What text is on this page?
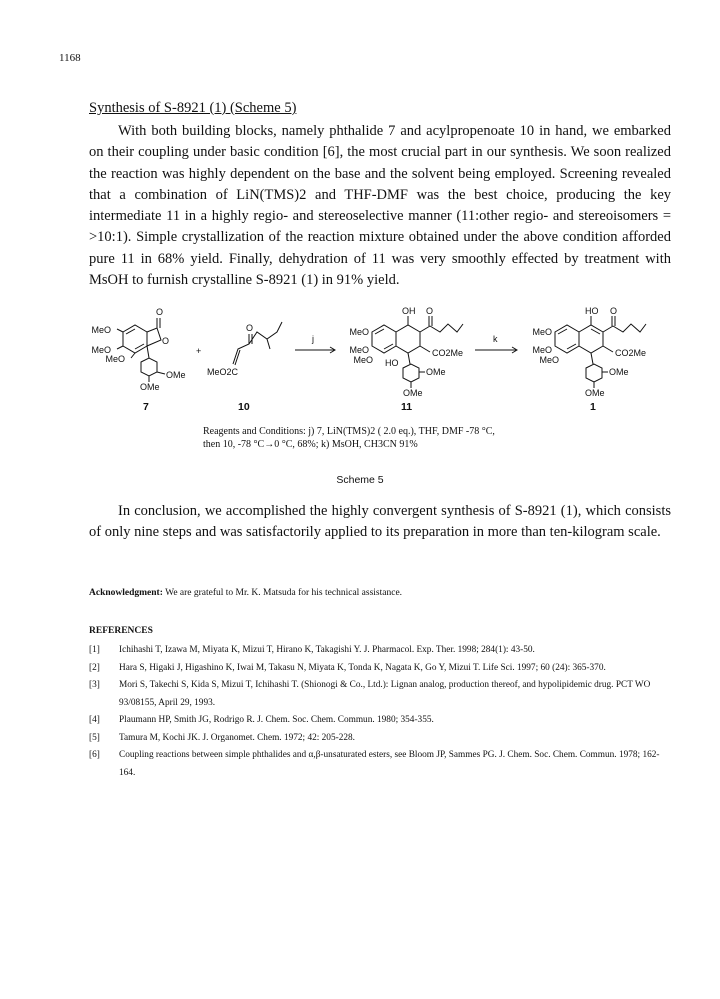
1168
Synthesis of S-8921 (1) (Scheme 5)

With both building blocks, namely phthalide 7 and acylpropenoate 10 in hand, we embarked on their coupling under basic condition [6], the most crucial part in our synthesis. We soon realized the reaction was highly dependent on the base and the solvent being employed. Screening revealed that a combination of LiN(TMS)2 and THF-DMF was the best choice, producing the key intermediate 11 in a highly regio- and stereoselective manner (11:other regio- and stereoisomers = >10:1). Simple crystallization of the reaction mixture obtained under the above condition afforded pure 11 in 68% yield. Finally, dehydration of 11 was very smoothly effected by treatment with MsOH to furnish crystalline S-8921 (1) in 91% yield.

MeO
MeO
MeO
O
O
OMe
OMe
7
+
O
MeO2C
10
j
OH O
MeO
MeO
MeO HO
CO2Me
OMe
OMe
11
k
HO O
MeO
MeO
MeO
CO2Me
OMe
OMe
1
Reagents and Conditions: j) 7, LiN(TMS)2 ( 2.0 eq.), THF, DMF -78 °C,
then 10, -78 °C→0 °C, 68%; k) MsOH, CH3CN 91%
Scheme 5

In conclusion, we accomplished the highly convergent synthesis of S-8921 (1), which consists of only nine steps and was satisfactorily applied to its preparation in more than ten-kilogram scale.

Acknowledgment: We are grateful to Mr. K. Matsuda for his technical assistance.
REFERENCES
[1]	Ichihashi T, Izawa M, Miyata K, Mizui T, Hirano K, Takagishi Y. J. Pharmacol. Exp. Ther. 1998; 284(1): 43-50.
[2]	Hara S, Higaki J, Higashino K, Iwai M, Takasu N, Miyata K, Tonda K, Nagata K, Go Y, Mizui T. Life Sci. 1997; 60 (24): 365-370.
[3]	Mori S, Takechi S, Kida S, Mizui T, Ichihashi T. (Shionogi & Co., Ltd.): Lignan analog, production thereof, and hypolipidemic drug. PCT WO 93/08155, April 29, 1993.
[4]	Plaumann HP, Smith JG, Rodrigo R. J. Chem. Soc. Chem. Commun. 1980; 354-355.
[5]	Tamura M, Kochi JK. J. Organomet. Chem. 1972; 42: 205-228.
[6]	Coupling reactions between simple phthalides and α,β-unsaturated esters, see Bloom JP, Sammes PG. J. Chem. Soc. Chem. Commun. 1978; 162-164.
